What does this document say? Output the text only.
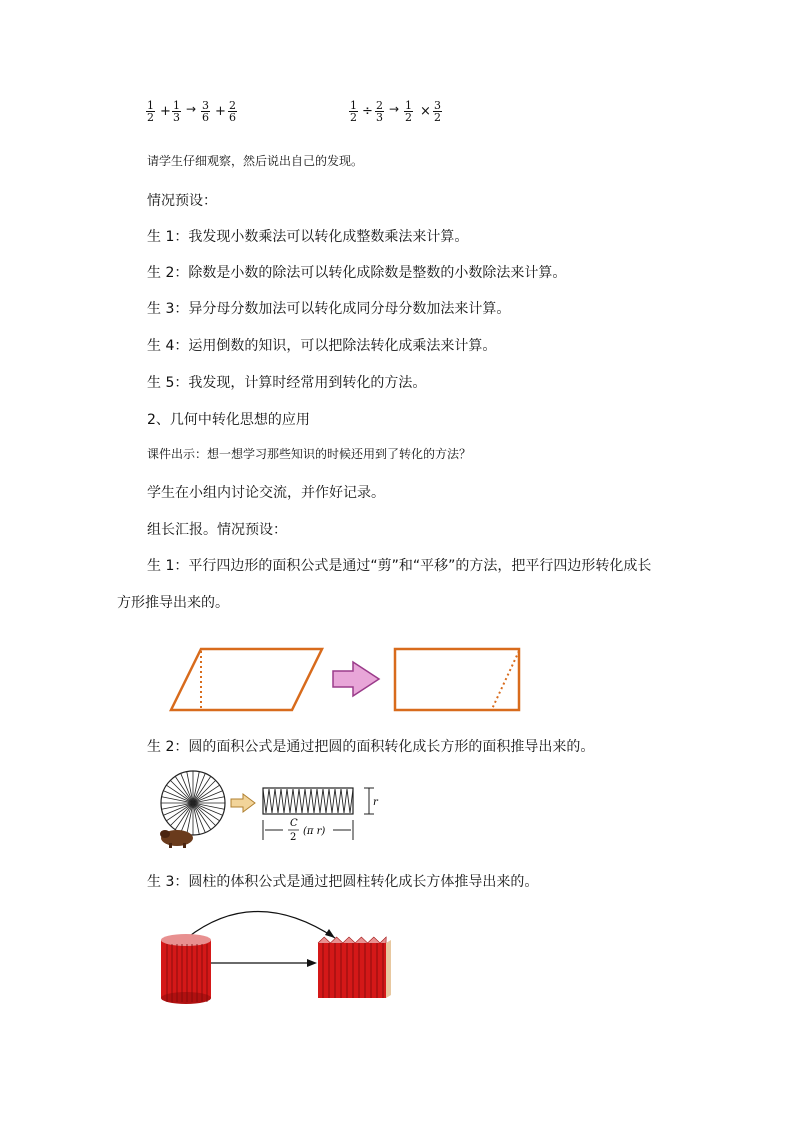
$\frac{1}{2} + \frac{1}{3} \to \frac{3}{6} + \frac{2}{6}$	$\frac{1}{2} \div \frac{2}{3} \to \frac{1}{2} \times \frac{3}{2}$
请学生仔细观察，然后说出自己的发现。
情况预设：
生 1：我发现小数乘法可以转化成整数乘法来计算。
生 2：除数是小数的除法可以转化成除数是整数的小数除法来计算。
生 3：异分母分数加法可以转化成同分母分数加法来计算。
生 4：运用倒数的知识，可以把除法转化成乘法来计算。
生 5：我发现，计算时经常用到转化的方法。
2、几何中转化思想的应用
课件出示：想一想学习那些知识的时候还用到了转化的方法？
学生在小组内讨论交流，并作好记录。
组长汇报。情况预设：
生 1：平行四边形的面积公式是通过“剪”和“平移”的方法，把平行四边形转化成长
方形推导出来的。
生 2：圆的面积公式是通过把圆的面积转化成长方形的面积推导出来的。
r
C
2
(π r)
生 3：圆柱的体积公式是通过把圆柱转化成长方体推导出来的。
